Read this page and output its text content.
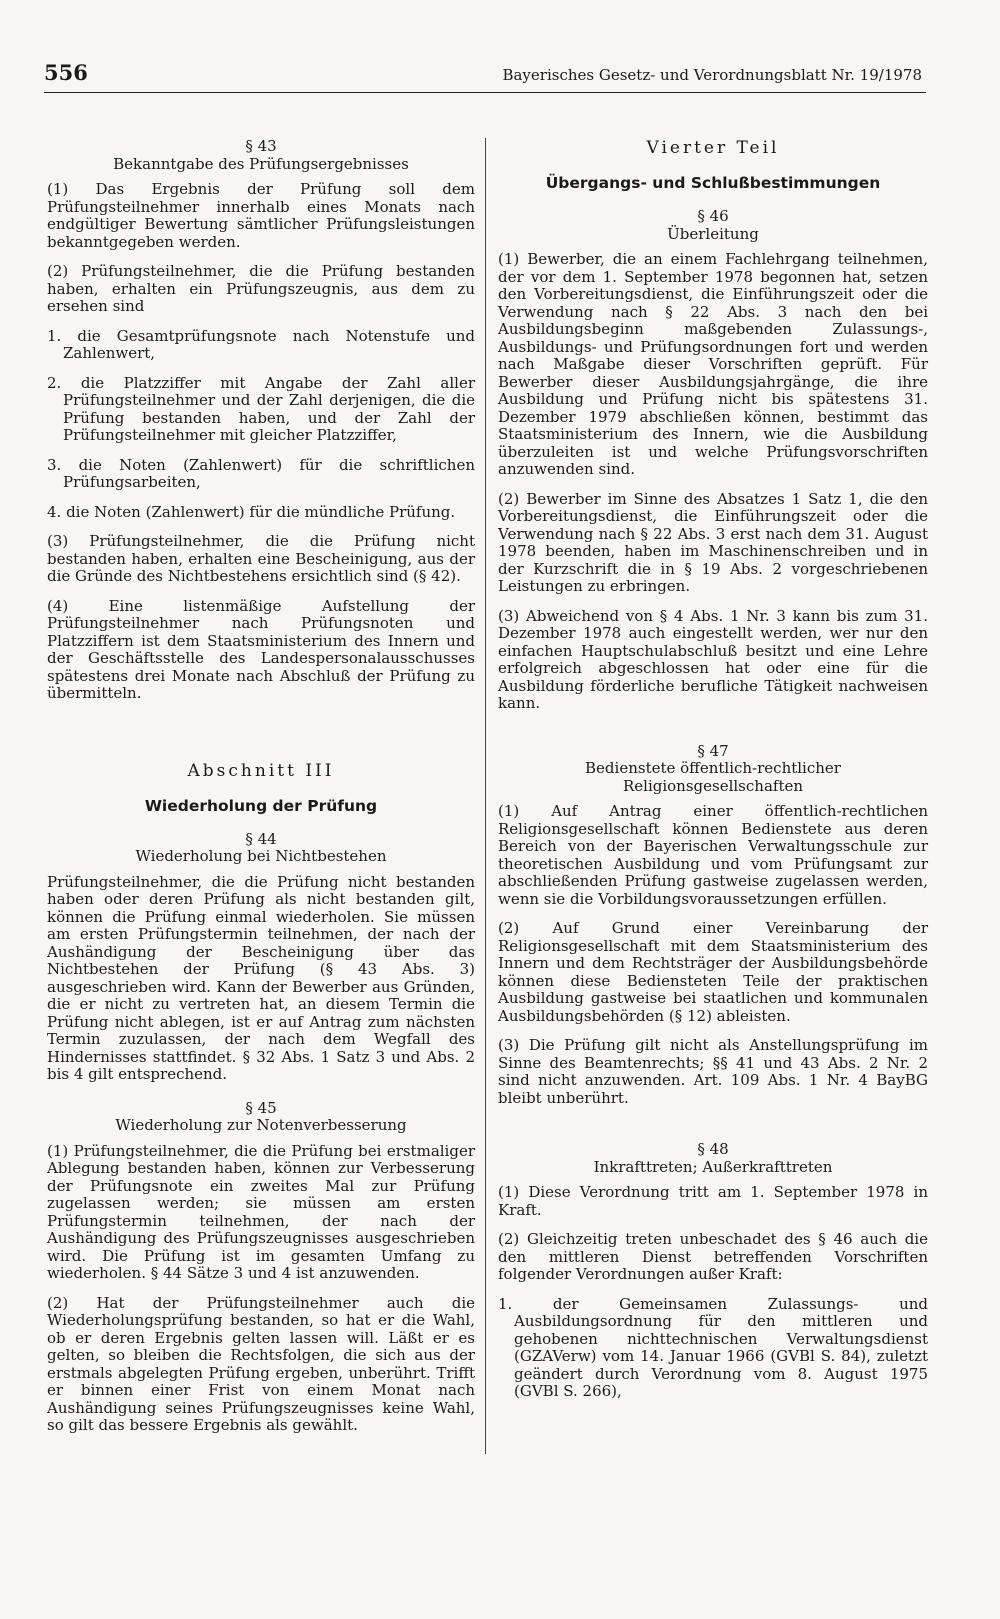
556	Bayerisches Gesetz- und Verordnungsblatt Nr. 19/1978

§ 43

Bekanntgabe des Prüfungsergebnisses

(1) Das Ergebnis der Prüfung soll dem Prüfungsteilnehmer innerhalb eines Monats nach endgültiger Bewertung sämtlicher Prüfungsleistungen bekanntgegeben werden.

(2) Prüfungsteilnehmer, die die Prüfung bestanden haben, erhalten ein Prüfungszeugnis, aus dem zu ersehen sind

1. die Gesamtprüfungsnote nach Notenstufe und Zahlenwert,

2. die Platzziffer mit Angabe der Zahl aller Prüfungsteilnehmer und der Zahl derjenigen, die die Prüfung bestanden haben, und der Zahl der Prüfungsteilnehmer mit gleicher Platzziffer,

3. die Noten (Zahlenwert) für die schriftlichen Prüfungsarbeiten,

4. die Noten (Zahlenwert) für die mündliche Prüfung.

(3) Prüfungsteilnehmer, die die Prüfung nicht bestanden haben, erhalten eine Bescheinigung, aus der die Gründe des Nichtbestehens ersichtlich sind (§ 42).

(4) Eine listenmäßige Aufstellung der Prüfungsteilnehmer nach Prüfungsnoten und Platzziffern ist dem Staatsministerium des Innern und der Geschäftsstelle des Landespersonalausschusses spätestens drei Monate nach Abschluß der Prüfung zu übermitteln.

Abschnitt III

Wiederholung der Prüfung

§ 44

Wiederholung bei Nichtbestehen

Prüfungsteilnehmer, die die Prüfung nicht bestanden haben oder deren Prüfung als nicht bestanden gilt, können die Prüfung einmal wiederholen. Sie müssen am ersten Prüfungstermin teilnehmen, der nach der Aushändigung der Bescheinigung über das Nichtbestehen der Prüfung (§ 43 Abs. 3) ausgeschrieben wird. Kann der Bewerber aus Gründen, die er nicht zu vertreten hat, an diesem Termin die Prüfung nicht ablegen, ist er auf Antrag zum nächsten Termin zuzulassen, der nach dem Wegfall des Hindernisses stattfindet. § 32 Abs. 1 Satz 3 und Abs. 2 bis 4 gilt entsprechend.

§ 45

Wiederholung zur Notenverbesserung

(1) Prüfungsteilnehmer, die die Prüfung bei erstmaliger Ablegung bestanden haben, können zur Verbesserung der Prüfungsnote ein zweites Mal zur Prüfung zugelassen werden; sie müssen am ersten Prüfungstermin teilnehmen, der nach der Aushändigung des Prüfungszeugnisses ausgeschrieben wird. Die Prüfung ist im gesamten Umfang zu wiederholen. § 44 Sätze 3 und 4 ist anzuwenden.

(2) Hat der Prüfungsteilnehmer auch die Wiederholungsprüfung bestanden, so hat er die Wahl, ob er deren Ergebnis gelten lassen will. Läßt er es gelten, so bleiben die Rechtsfolgen, die sich aus der erstmals abgelegten Prüfung ergeben, unberührt. Trifft er binnen einer Frist von einem Monat nach Aushändigung seines Prüfungszeugnisses keine Wahl, so gilt das bessere Ergebnis als gewählt.

Vierter Teil

Übergangs- und Schlußbestimmungen

§ 46

Überleitung

(1) Bewerber, die an einem Fachlehrgang teilnehmen, der vor dem 1. September 1978 begonnen hat, setzen den Vorbereitungsdienst, die Einführungszeit oder die Verwendung nach § 22 Abs. 3 nach den bei Ausbildungsbeginn maßgebenden Zulassungs-, Ausbildungs- und Prüfungsordnungen fort und werden nach Maßgabe dieser Vorschriften geprüft. Für Bewerber dieser Ausbildungsjahrgänge, die ihre Ausbildung und Prüfung nicht bis spätestens 31. Dezember 1979 abschließen können, bestimmt das Staatsministerium des Innern, wie die Ausbildung überzuleiten ist und welche Prüfungsvorschriften anzuwenden sind.

(2) Bewerber im Sinne des Absatzes 1 Satz 1, die den Vorbereitungsdienst, die Einführungszeit oder die Verwendung nach § 22 Abs. 3 erst nach dem 31. August 1978 beenden, haben im Maschinenschreiben und in der Kurzschrift die in § 19 Abs. 2 vorgeschriebenen Leistungen zu erbringen.

(3) Abweichend von § 4 Abs. 1 Nr. 3 kann bis zum 31. Dezember 1978 auch eingestellt werden, wer nur den einfachen Hauptschulabschluß besitzt und eine Lehre erfolgreich abgeschlossen hat oder eine für die Ausbildung förderliche berufliche Tätigkeit nachweisen kann.

§ 47

Bedienstete öffentlich-rechtlicher Religionsgesellschaften

(1) Auf Antrag einer öffentlich-rechtlichen Religionsgesellschaft können Bedienstete aus deren Bereich von der Bayerischen Verwaltungsschule zur theoretischen Ausbildung und vom Prüfungsamt zur abschließenden Prüfung gastweise zugelassen werden, wenn sie die Vorbildungsvoraussetzungen erfüllen.

(2) Auf Grund einer Vereinbarung der Religionsgesellschaft mit dem Staatsministerium des Innern und dem Rechtsträger der Ausbildungsbehörde können diese Bediensteten Teile der praktischen Ausbildung gastweise bei staatlichen und kommunalen Ausbildungsbehörden (§ 12) ableisten.

(3) Die Prüfung gilt nicht als Anstellungsprüfung im Sinne des Beamtenrechts; §§ 41 und 43 Abs. 2 Nr. 2 sind nicht anzuwenden. Art. 109 Abs. 1 Nr. 4 BayBG bleibt unberührt.

§ 48

Inkrafttreten; Außerkrafttreten

(1) Diese Verordnung tritt am 1. September 1978 in Kraft.

(2) Gleichzeitig treten unbeschadet des § 46 auch die den mittleren Dienst betreffenden Vorschriften folgender Verordnungen außer Kraft:

1. der Gemeinsamen Zulassungs- und Ausbildungsordnung für den mittleren und gehobenen nichttechnischen Verwaltungsdienst (GZAVerw) vom 14. Januar 1966 (GVBl S. 84), zuletzt geändert durch Verordnung vom 8. August 1975 (GVBl S. 266),
